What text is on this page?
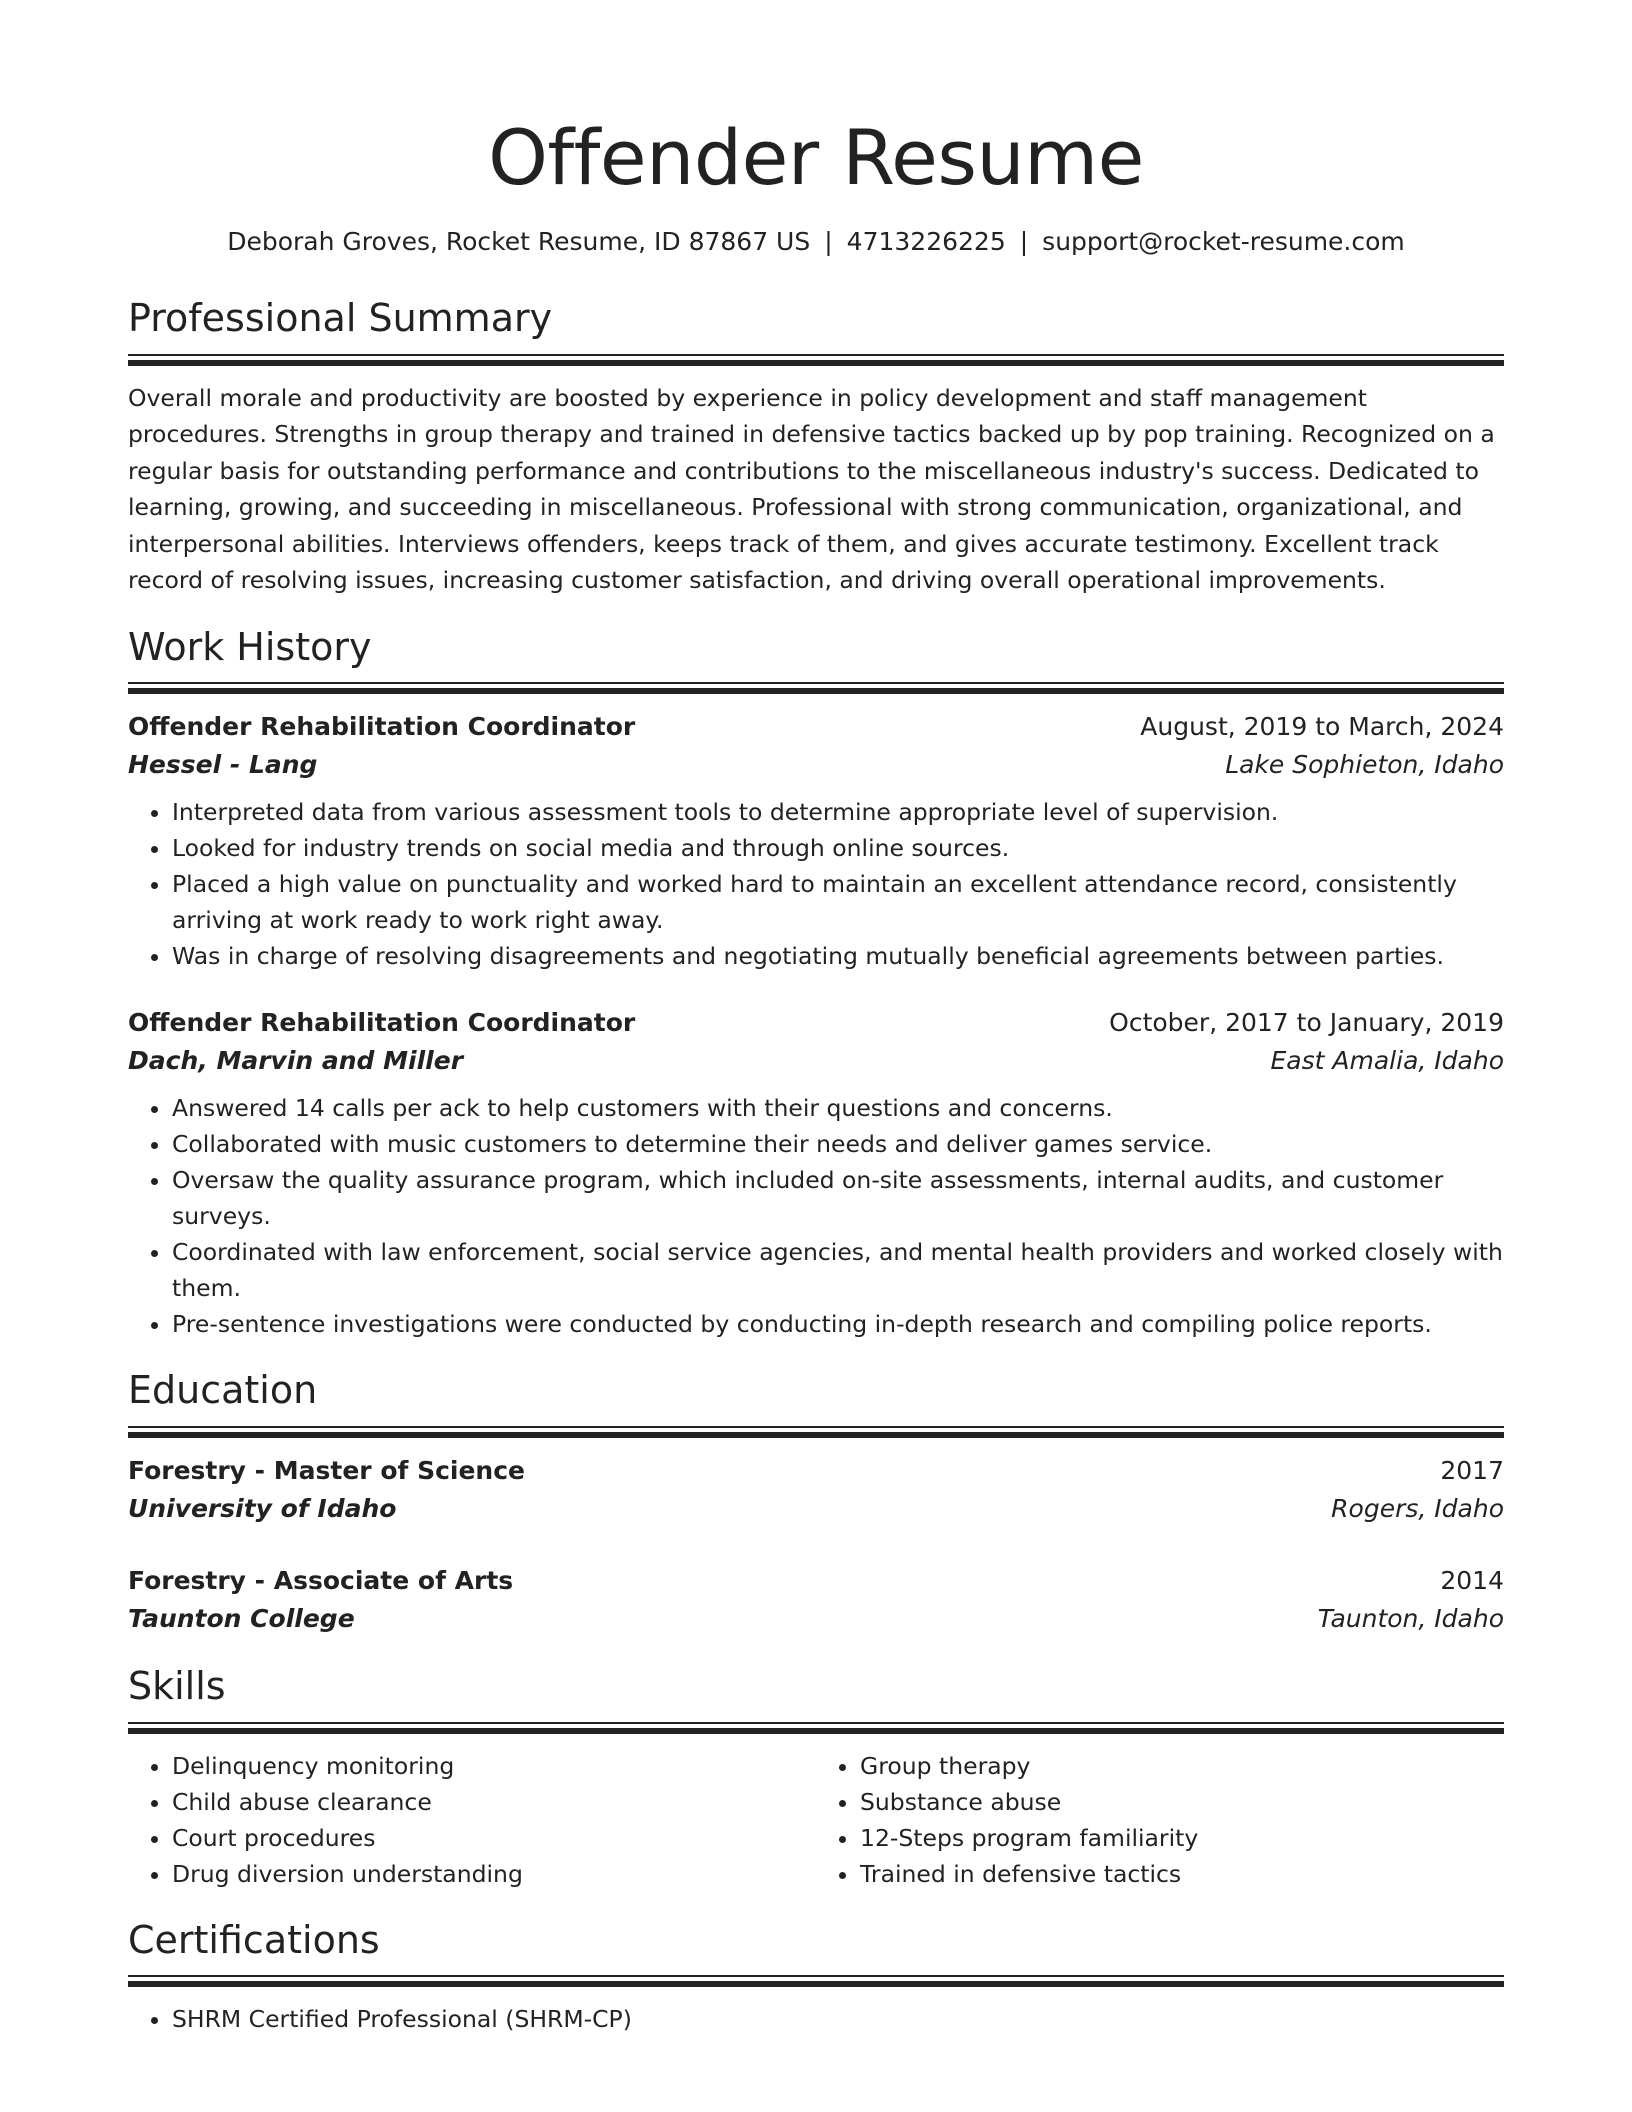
Offender Resume
Deborah Groves, Rocket Resume, ID 87867 US | 4713226225 | support@rocket-resume.com
Professional Summary

Overall morale and productivity are boosted by experience in policy development and staff management procedures. Strengths in group therapy and trained in defensive tactics backed up by pop training. Recognized on a regular basis for outstanding performance and contributions to the miscellaneous industry's success. Dedicated to learning, growing, and succeeding in miscellaneous. Professional with strong communication, organizational, and interpersonal abilities. Interviews offenders, keeps track of them, and gives accurate testimony. Excellent track record of resolving issues, increasing customer satisfaction, and driving overall operational improvements.

Work History
Offender Rehabilitation Coordinator	August, 2019 to March, 2024
Hessel - Lang	Lake Sophieton, Idaho
• Interpreted data from various assessment tools to determine appropriate level of supervision.
• Looked for industry trends on social media and through online sources.
• Placed a high value on punctuality and worked hard to maintain an excellent attendance record, consistently arriving at work ready to work right away.
• Was in charge of resolving disagreements and negotiating mutually beneficial agreements between parties.
Offender Rehabilitation Coordinator	October, 2017 to January, 2019
Dach, Marvin and Miller	East Amalia, Idaho
• Answered 14 calls per ack to help customers with their questions and concerns.
• Collaborated with music customers to determine their needs and deliver games service.
• Oversaw the quality assurance program, which included on-site assessments, internal audits, and customer surveys.
• Coordinated with law enforcement, social service agencies, and mental health providers and worked closely with them.
• Pre-sentence investigations were conducted by conducting in-depth research and compiling police reports.
Education
Forestry - Master of Science	2017
University of Idaho	Rogers, Idaho
Forestry - Associate of Arts	2014
Taunton College	Taunton, Idaho
Skills
• Delinquency monitoring
• Child abuse clearance
• Court procedures
• Drug diversion understanding
• Group therapy
• Substance abuse
• 12-Steps program familiarity
• Trained in defensive tactics
Certifications
• SHRM Certified Professional (SHRM-CP)
